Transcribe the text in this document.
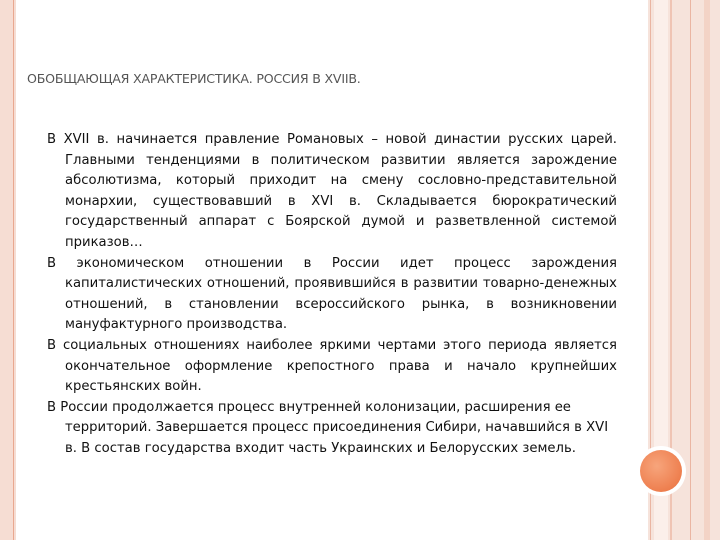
ОБОБЩАЮЩАЯ ХАРАКТЕРИСТИКА. РОССИЯ В XVIIВ.

В XVII в. начинается правление Романовых – новой династии русских царей. Главными тенденциями в политическом развитии является зарождение абсолютизма, который приходит на смену сословно-представительной монархии, существовавший в XVI в. Складывается бюрократический государственный аппарат с Боярской думой и разветвленной системой приказов…

В экономическом отношении в России идет процесс зарождения капиталистических отношений, проявившийся в развитии товарно-денежных отношений, в становлении всероссийского рынка, в возникновении мануфактурного производства.

В социальных отношениях наиболее яркими чертами этого периода является окончательное оформление крепостного права и начало крупнейших крестьянских войн.

В России продолжается процесс внутренней колонизации, расширения ее территорий. Завершается процесс присоединения Сибири, начавшийся в XVI в. В состав государства входит часть Украинских и Белорусских земель.
